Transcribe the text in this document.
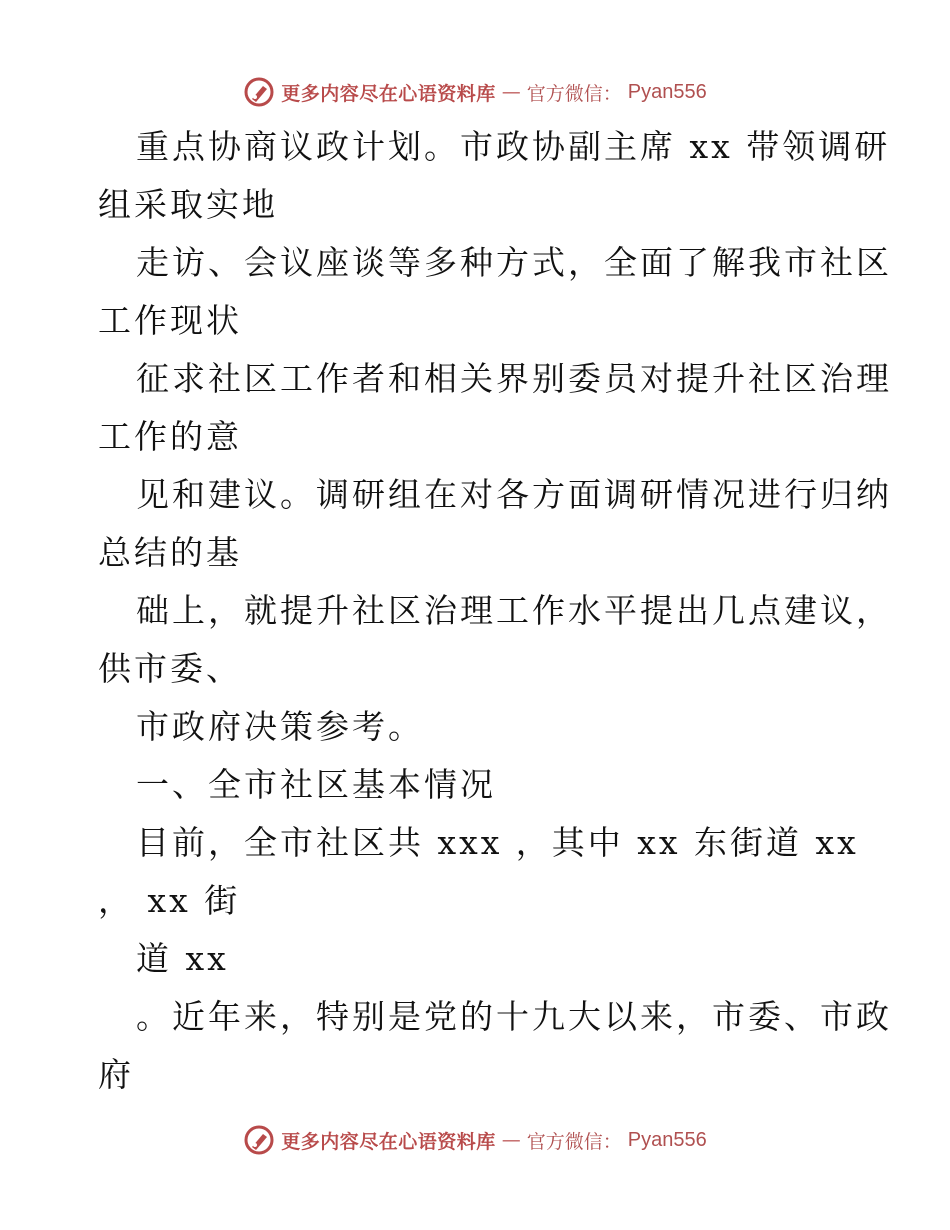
更多内容尽在心语资料库 — 官方微信： Pyan556
重点协商议政计划。市政协副主席 xx 带领调研
组采取实地
走访、会议座谈等多种方式，全面了解我市社区
工作现状
征求社区工作者和相关界别委员对提升社区治理
工作的意
见和建议。调研组在对各方面调研情况进行归纳
总结的基
础上，就提升社区治理工作水平提出几点建议，
供市委、
市政府决策参考。
一、全市社区基本情况
目前，全市社区共 xxx ，其中 xx 东街道 xx
， xx 街
道 xx
。近年来，特别是党的十九大以来，市委、市政
府
更多内容尽在心语资料库 — 官方微信： Pyan556
